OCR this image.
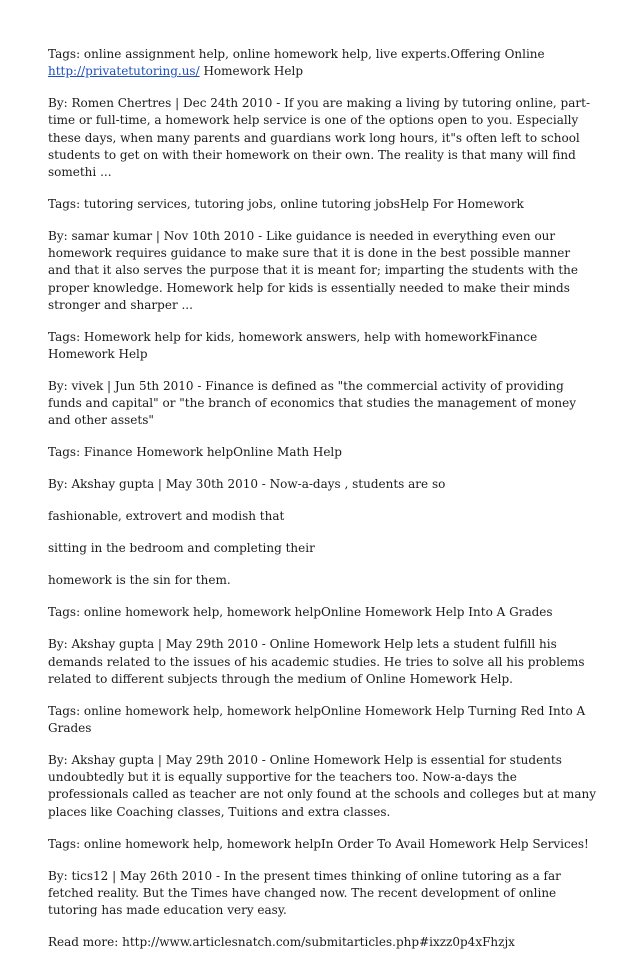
Tags: online assignment help, online homework help, live experts.Offering Online
http://privatetutoring.us/ Homework Help

By: Romen Chertres | Dec 24th 2010 - If you are making a living by tutoring online, part-time or full-time, a homework help service is one of the options open to you. Especially these days, when many parents and guardians work long hours, it"s often left to school students to get on with their homework on their own. The reality is that many will find somethi ...

Tags: tutoring services, tutoring jobs, online tutoring jobsHelp For Homework

By: samar kumar | Nov 10th 2010 - Like guidance is needed in everything even our homework requires guidance to make sure that it is done in the best possible manner and that it also serves the purpose that it is meant for; imparting the students with the proper knowledge. Homework help for kids is essentially needed to make their minds stronger and sharper ...

Tags: Homework help for kids, homework answers, help with homeworkFinance Homework Help

By: vivek | Jun 5th 2010 - Finance is defined as "the commercial activity of providing funds and capital" or "the branch of economics that studies the management of money and other assets"

Tags: Finance Homework helpOnline Math Help

By: Akshay gupta | May 30th 2010 - Now-a-days , students are so

fashionable, extrovert and modish that

sitting in the bedroom and completing their

homework is the sin for them.

Tags: online homework help, homework helpOnline Homework Help Into A Grades

By: Akshay gupta | May 29th 2010 - Online Homework Help lets a student fulfill his demands related to the issues of his academic studies. He tries to solve all his problems related to different subjects through the medium of Online Homework Help.

Tags: online homework help, homework helpOnline Homework Help Turning Red Into A Grades

By: Akshay gupta | May 29th 2010 - Online Homework Help is essential for students undoubtedly but it is equally supportive for the teachers too. Now-a-days the professionals called as teacher are not only found at the schools and colleges but at many places like Coaching classes, Tuitions and extra classes.

Tags: online homework help, homework helpIn Order To Avail Homework Help Services!

By: tics12 | May 26th 2010 - In the present times thinking of online tutoring as a far fetched reality. But the Times have changed now. The recent development of online tutoring has made education very easy.

Read more: http://www.articlesnatch.com/submitarticles.php#ixzz0p4xFhzjx
